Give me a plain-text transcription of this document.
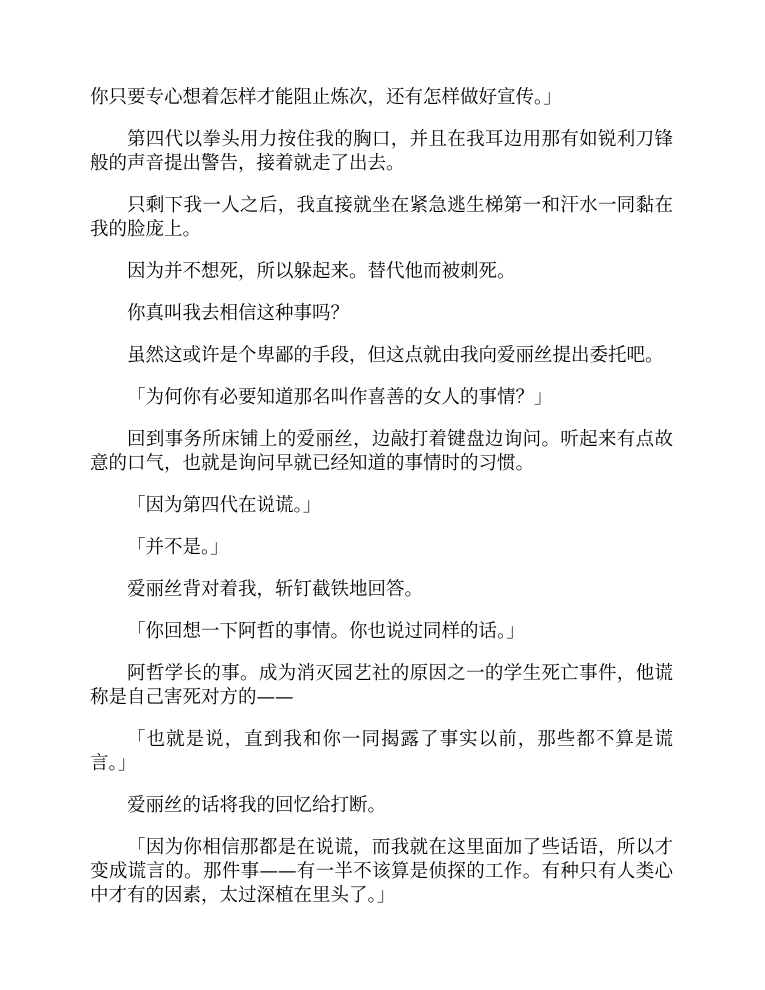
你只要专心想着怎样才能阻止炼次，还有怎样做好宣传。」

第四代以拳头用力按住我的胸口，并且在我耳边用那有如锐利刀锋般的声音提出警告，接着就走了出去。

只剩下我一人之后，我直接就坐在紧急逃生梯第一和汗水一同黏在我的脸庞上。

因为并不想死，所以躲起来。替代他而被刺死。

你真叫我去相信这种事吗？

虽然这或许是个卑鄙的手段，但这点就由我向爱丽丝提出委托吧。

「为何你有必要知道那名叫作喜善的女人的事情？」

回到事务所床铺上的爱丽丝，边敲打着键盘边询问。听起来有点故意的口气，也就是询问早就已经知道的事情时的习惯。

「因为第四代在说谎。」

「并不是。」

爱丽丝背对着我，斩钉截铁地回答。

「你回想一下阿哲的事情。你也说过同样的话。」

阿哲学长的事。成为消灭园艺社的原因之一的学生死亡事件，他谎称是自己害死对方的——

「也就是说，直到我和你一同揭露了事实以前，那些都不算是谎言。」

爱丽丝的话将我的回忆给打断。

「因为你相信那都是在说谎，而我就在这里面加了些话语，所以才变成谎言的。那件事——有一半不该算是侦探的工作。有种只有人类心中才有的因素，太过深植在里头了。」
